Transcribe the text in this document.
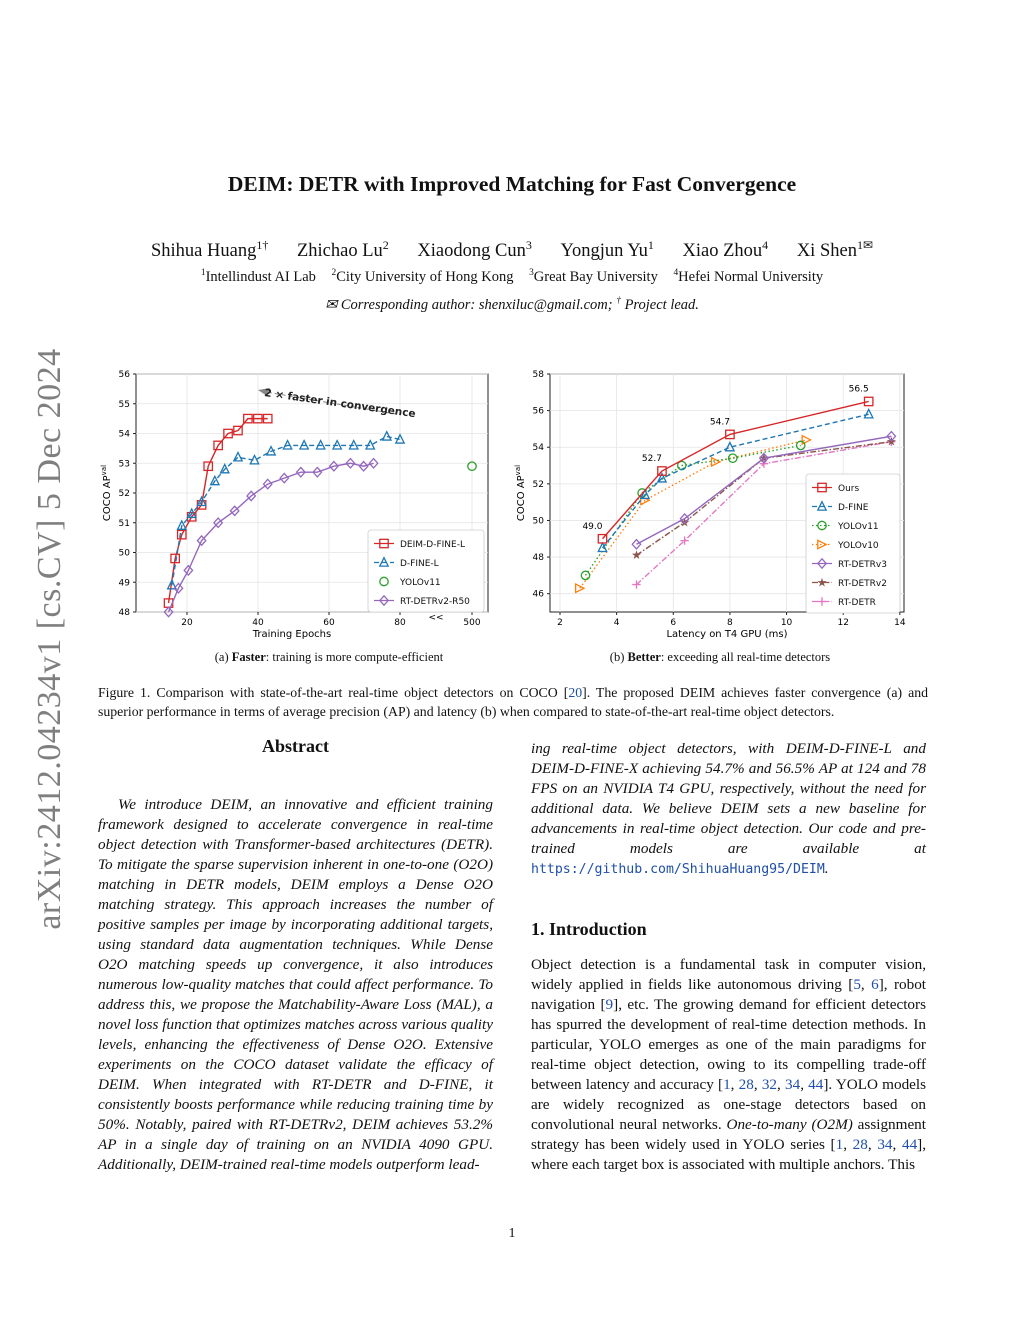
arXiv:2412.04234v1 [cs.CV] 5 Dec 2024
DEIM: DETR with Improved Matching for Fast Convergence
Shihua Huang$^{1\dagger}$ Zhichao Lu$^2$ Xiaodong Cun$^3$ Yongjun Yu$^1$ Xiao Zhou$^4$ Xi Shen$^{1✉}$
$^1$Intellindust AI Lab $^2$City University of Hong Kong $^3$Great Bay University $^4$Hefei Normal University
✉ Corresponding author: shenxiluc@gmail.com; † Project lead.
48
49
50
51
52
53
54
55
56
20	40	60	80	500
<<
Training Epochs
COCO $AP^{val}$
2 × faster in convergence
DEIM-D-FINE-L
D-FINE-L
YOLOv11
RT-DETRv2-R50
(a) Faster: training is more compute-efficient
46
48
50
52
54
56
58
2	4	6	8	10	12	14
Latency on T4 GPU (ms)
COCO $AP^{val}$
★
★
★
★
49.0
52.7
54.7
56.5
Ours
D-FINE
YOLOv11
YOLOv10
RT-DETRv3
★ RT-DETRv2
RT-DETR
(b) Better: exceeding all real-time detectors
Figure 1. Comparison with state-of-the-art real-time object detectors on COCO [20]. The proposed DEIM achieves faster convergence (a) and superior performance in terms of average precision (AP) and latency (b) when compared to state-of-the-art real-time object detectors.
Abstract
We introduce DEIM, an innovative and efficient training framework designed to accelerate convergence in real-time object detection with Transformer-based architectures (DETR). To mitigate the sparse supervision inherent in one-to-one (O2O) matching in DETR models, DEIM employs a Dense O2O matching strategy. This approach increases the number of positive samples per image by incorporating additional targets, using standard data augmentation techniques. While Dense O2O matching speeds up convergence, it also introduces numerous low-quality matches that could affect performance. To address this, we propose the Matchability-Aware Loss (MAL), a novel loss function that optimizes matches across various quality levels, enhancing the effectiveness of Dense O2O. Extensive experiments on the COCO dataset validate the efficacy of DEIM. When integrated with RT-DETR and D-FINE, it consistently boosts performance while reducing training time by 50%. Notably, paired with RT-DETRv2, DEIM achieves 53.2% AP in a single day of training on an NVIDIA 4090 GPU. Additionally, DEIM-trained real-time models outperform lead-
ing real-time object detectors, with DEIM-D-FINE-L and DEIM-D-FINE-X achieving 54.7% and 56.5% AP at 124 and 78 FPS on an NVIDIA T4 GPU, respectively, without the need for additional data. We believe DEIM sets a new baseline for advancements in real-time object detection. Our code and pre-trained models are available at https://github.com/ShihuaHuang95/DEIM.
1. Introduction
Object detection is a fundamental task in computer vision, widely applied in fields like autonomous driving [5, 6], robot navigation [9], etc. The growing demand for efficient detectors has spurred the development of real-time detection methods. In particular, YOLO emerges as one of the main paradigms for real-time object detection, owing to its compelling trade-off between latency and accuracy [1, 28, 32, 34, 44]. YOLO models are widely recognized as one-stage detectors based on convolutional neural networks. One-to-many (O2M) assignment strategy has been widely used in YOLO series [1, 28, 34, 44], where each target box is associated with multiple anchors. This
1
